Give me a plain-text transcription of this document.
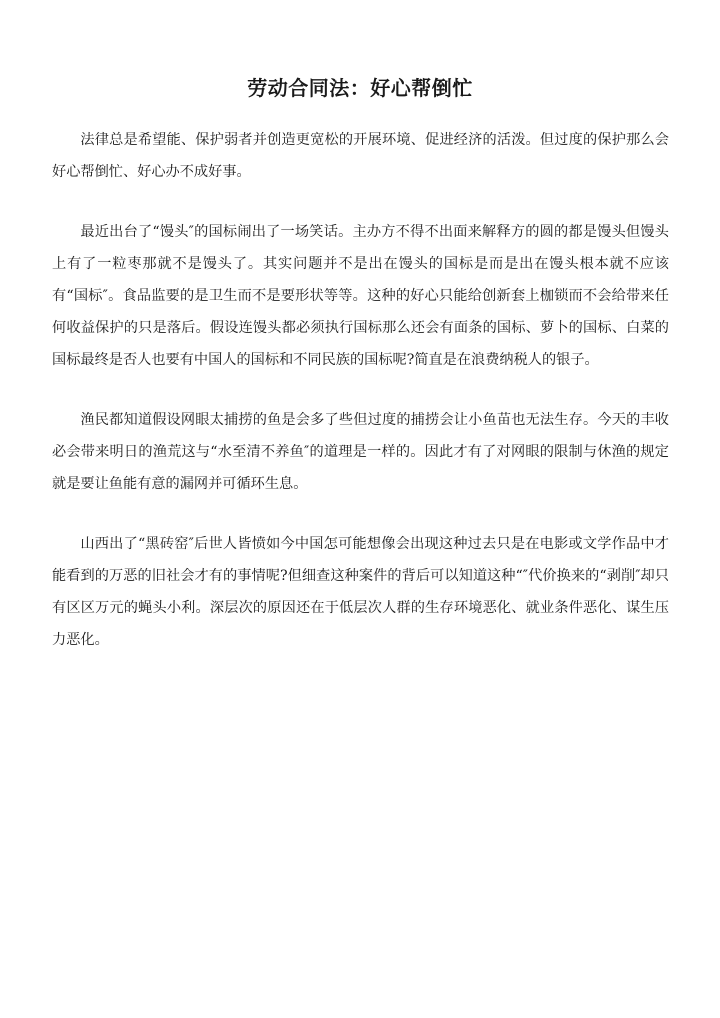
劳动合同法：好心帮倒忙

法律总是希望能、保护弱者并创造更宽松的开展环境、促进经济的活泼。但过度的保护那么会好心帮倒忙、好心办不成好事。

最近出台了“馒头″的国标闹出了一场笑话。主办方不得不出面来解释方的圆的都是馒头但馒头上有了一粒枣那就不是馒头了。其实问题并不是出在馒头的国标是而是出在馒头根本就不应该有“国标″。食品监要的是卫生而不是要形状等等。这种的好心只能给创新套上枷锁而不会给带来任何收益保护的只是落后。假设连馒头都必须执行国标那么还会有面条的国标、萝卜的国标、白菜的国标最终是否人也要有中国人的国标和不同民族的国标呢?简直是在浪费纳税人的银子。

渔民都知道假设网眼太捕捞的鱼是会多了些但过度的捕捞会让小鱼苗也无法生存。今天的丰收必会带来明日的渔荒这与“水至清不养鱼″的道理是一样的。因此才有了对网眼的限制与休渔的规定就是要让鱼能有意的漏网并可循环生息。

山西出了“黑砖窑″后世人皆愤如今中国怎可能想像会出现这种过去只是在电影或文学作品中才能看到的万恶的旧社会才有的事情呢?但细查这种案件的背后可以知道这种“″代价换来的“剥削″却只有区区万元的蝇头小利。深层次的原因还在于低层次人群的生存环境恶化、就业条件恶化、谋生压力恶化。
